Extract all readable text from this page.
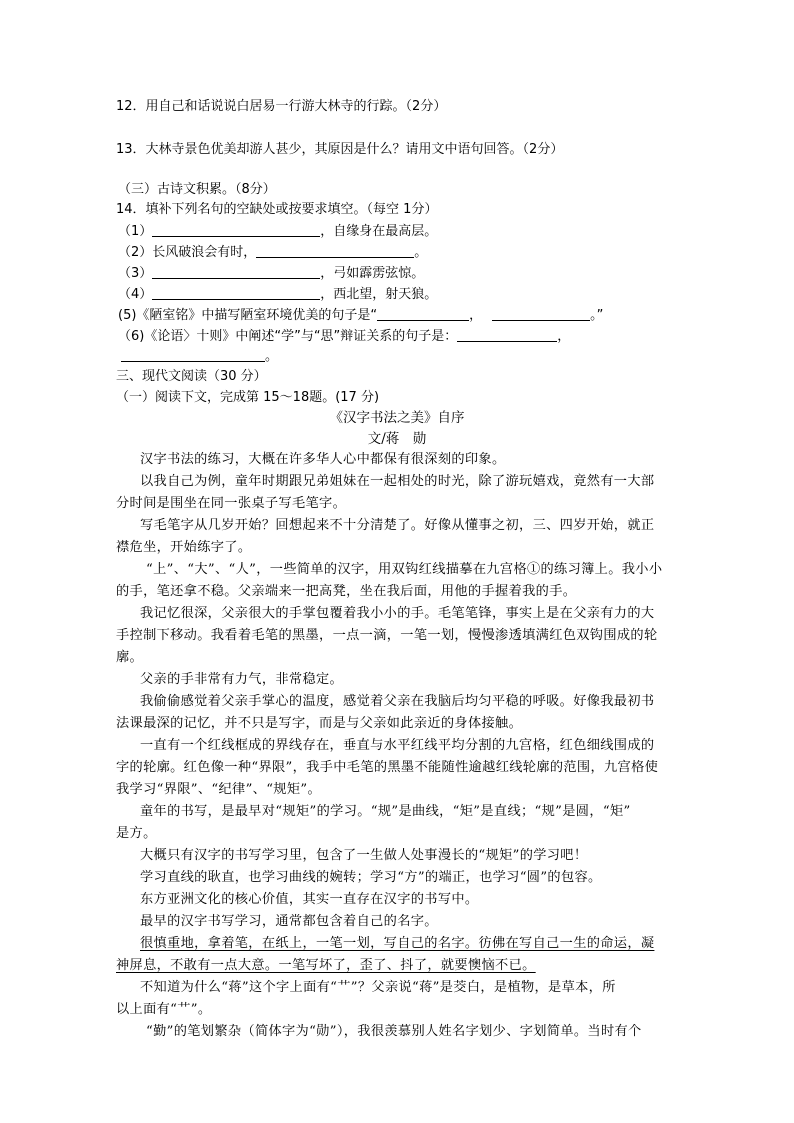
12．用自己和话说说白居易一行游大林寺的行踪。（2分）
13．大林寺景色优美却游人甚少，其原因是什么？请用文中语句回答。（2分）
（三）古诗文积累。（8分）
14．填补下列名句的空缺处或按要求填空。（每空 1分）
（1）	，自缘身在最高层。
（2）长风破浪会有时，	。
（3）	，弓如霹雳弦惊。
（4）	，西北望，射天狼。
(5)《陋室铭》中描写陋室环境优美的句子是“	，	。”
（6)《论语〉十则》中阐述“学”与“思”辩证关系的句子是：	，
。
三、现代文阅读（30 分）
（一）阅读下文，完成第 15～18题。(17 分)
《汉字书法之美》自序
文/蒋　勋
汉字书法的练习，大概在许多华人心中都保有很深刻的印象。
以我自己为例，童年时期跟兄弟姐妹在一起相处的时光，除了游玩嬉戏，竟然有一大部
分时间是围坐在同一张桌子写毛笔字。
写毛笔字从几岁开始？回想起来不十分清楚了。好像从懂事之初，三、四岁开始，就正
襟危坐，开始练字了。
“上”、“大”、“人”，一些简单的汉字，用双钩红线描摹在九宫格①的练习簿上。我小小
的手，笔还拿不稳。父亲端来一把高凳，坐在我后面，用他的手握着我的手。
我记忆很深，父亲很大的手掌包覆着我小小的手。毛笔笔锋，事实上是在父亲有力的大
手控制下移动。我看着毛笔的黑墨，一点一滴，一笔一划，慢慢渗透填满红色双钩围成的轮
廓。
父亲的手非常有力气，非常稳定。
我偷偷感觉着父亲手掌心的温度，感觉着父亲在我脑后均匀平稳的呼吸。好像我最初书
法课最深的记忆，并不只是写字，而是与父亲如此亲近的身体接触。
一直有一个红线框成的界线存在，垂直与水平红线平均分割的九宫格，红色细线围成的
字的轮廓。红色像一种“界限”，我手中毛笔的黑墨不能随性逾越红线轮廓的范围，九宫格使
我学习“界限”、“纪律”、“规矩”。
童年的书写，是最早对“规矩”的学习。“规”是曲线，“矩”是直线；“规”是圆，“矩”
是方。
大概只有汉字的书写学习里，包含了一生做人处事漫长的“规矩”的学习吧！
学习直线的耿直，也学习曲线的婉转；学习“方”的端正，也学习“圆”的包容。
东方亚洲文化的核心价值，其实一直存在汉字的书写中。
最早的汉字书写学习，通常都包含着自己的名字。
很慎重地，拿着笔，在纸上，一笔一划，写自己的名字。彷佛在写自己一生的命运，凝
神屏息，不敢有一点大意。一笔写坏了，歪了、抖了，就要懊恼不已。
不知道为什么“蒋”这个字上面有“艹”？父亲说“蒋”是茭白，是植物，是草本，所
以上面有“艹”。
“勤”的笔划繁杂（简体字为“勋”），我很羡慕别人姓名字划少、字划简单。当时有个
